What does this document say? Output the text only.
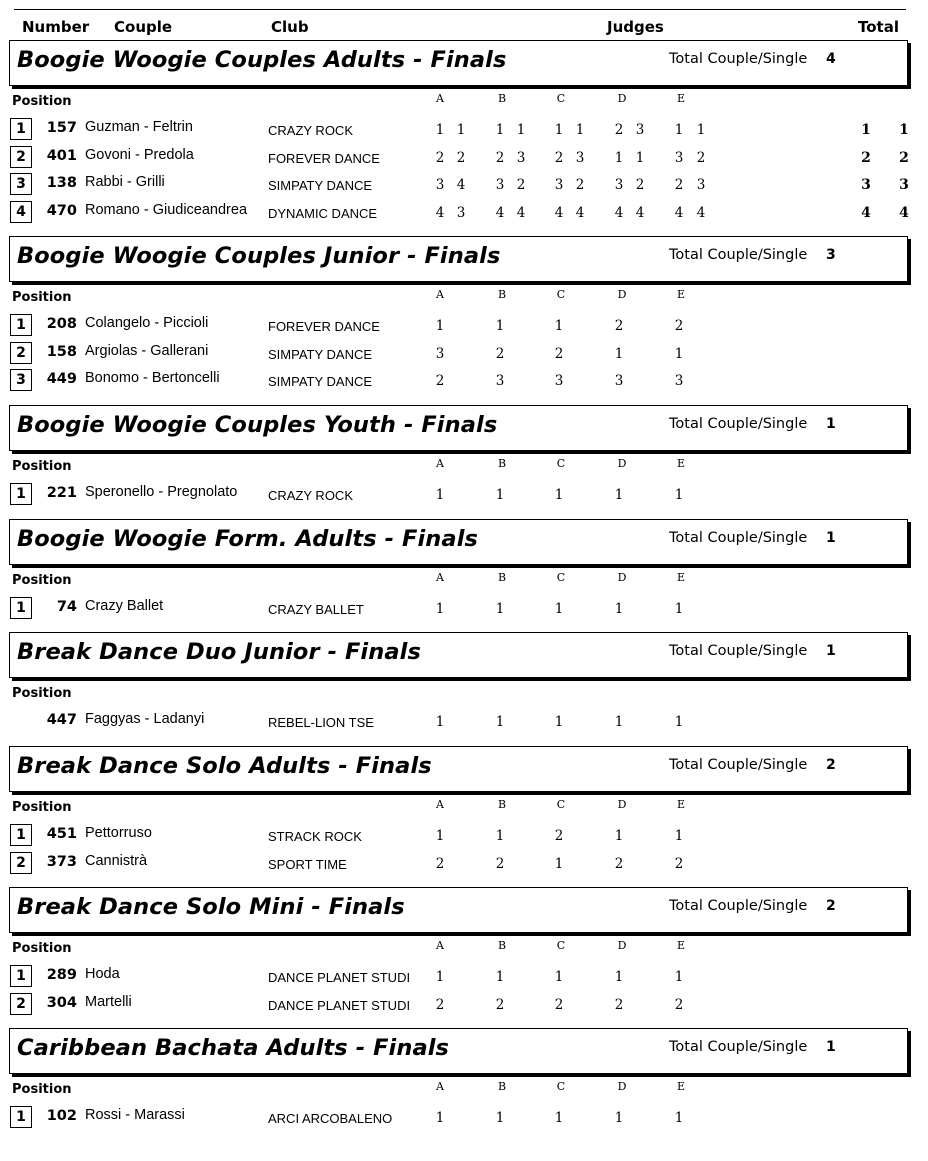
Number Couple	Club	Judges	Total
Boogie Woogie Couples Adults - Finals	Total Couple/Single 4
Position	A	B	C	D	E
1	157 Guzman - Feltrin	CRAZY ROCK	1 1 1 1 1 1 2 3 1 1	1 1
2	401 Govoni - Predola	FOREVER DANCE	2 2 2 3 2 3 1 1 3 2	2 2
3	138 Rabbi - Grilli	SIMPATY DANCE	3 4 3 2 3 2 3 2 2 3	3 3
4	470 Romano - Giudiceandrea DYNAMIC DANCE	4 3 4 4 4 4 4 4 4 4	4 4
Boogie Woogie Couples Junior - Finals	Total Couple/Single 3
Position	A	B	C	D	E
1	208 Colangelo - Piccioli	FOREVER DANCE	1	1	1	2	2
2	158 Argiolas - Gallerani	SIMPATY DANCE	3	2	2	1	1
3	449 Bonomo - Bertoncelli	SIMPATY DANCE	2	3	3	3	3
Boogie Woogie Couples Youth - Finals	Total Couple/Single 1
Position	A	B	C	D	E
1	221 Speronello - Pregnolato CRAZY ROCK	1	1	1	1	1
Boogie Woogie Form. Adults - Finals	Total Couple/Single 1
Position	A	B	C	D	E
1	74 Crazy Ballet	CRAZY BALLET	1	1	1	1	1
Break Dance Duo Junior - Finals	Total Couple/Single 1
Position
447 Faggyas - Ladanyi	REBEL-LION TSE	1	1	1	1	1
Break Dance Solo Adults - Finals	Total Couple/Single 2
Position	A	B	C	D	E
1	451 Pettorruso	STRACK ROCK	1	1	2	1	1
2	373 Cannistrà	SPORT TIME	2	2	1	2	2
Break Dance Solo Mini - Finals	Total Couple/Single 2
Position	A	B	C	D	E
1	289 Hoda	DANCE PLANET STUDI 1	1	1	1	1
2	304 Martelli	DANCE PLANET STUDI 2	2	2	2	2
Caribbean Bachata Adults - Finals	Total Couple/Single 1
Position	A	B	C	D	E
1	102 Rossi - Marassi	ARCI ARCOBALENO	1	1	1	1	1
